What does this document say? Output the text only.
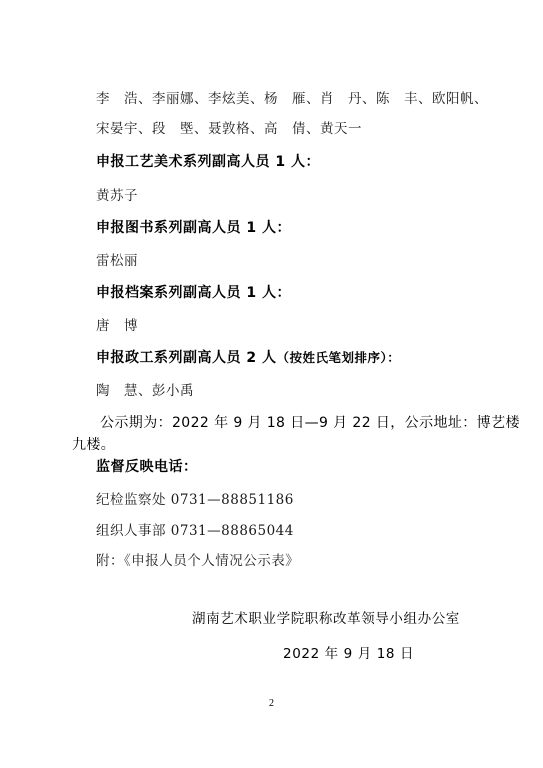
李　浩、李丽娜、李炫美、杨　雁、肖　丹、陈　丰、欧阳帆、
宋晏宇、段　塈、聂敦格、高　倩、黄天一
申报工艺美术系列副高人员 1 人：
黄苏子
申报图书系列副高人员 1 人：
雷松丽
申报档案系列副高人员 1 人：
唐　博
申报政工系列副高人员 2 人（按姓氏笔划排序）：
陶　慧、彭小禹
公示期为：2022 年 9 月 18 日—9 月 22 日，公示地址：博艺楼
九楼。
监督反映电话：
纪检监察处 0731—88851186
组织人事部 0731—88865044
附：《申报人员个人情况公示表》
湖南艺术职业学院职称改革领导小组办公室
2022 年 9 月 18 日
2
